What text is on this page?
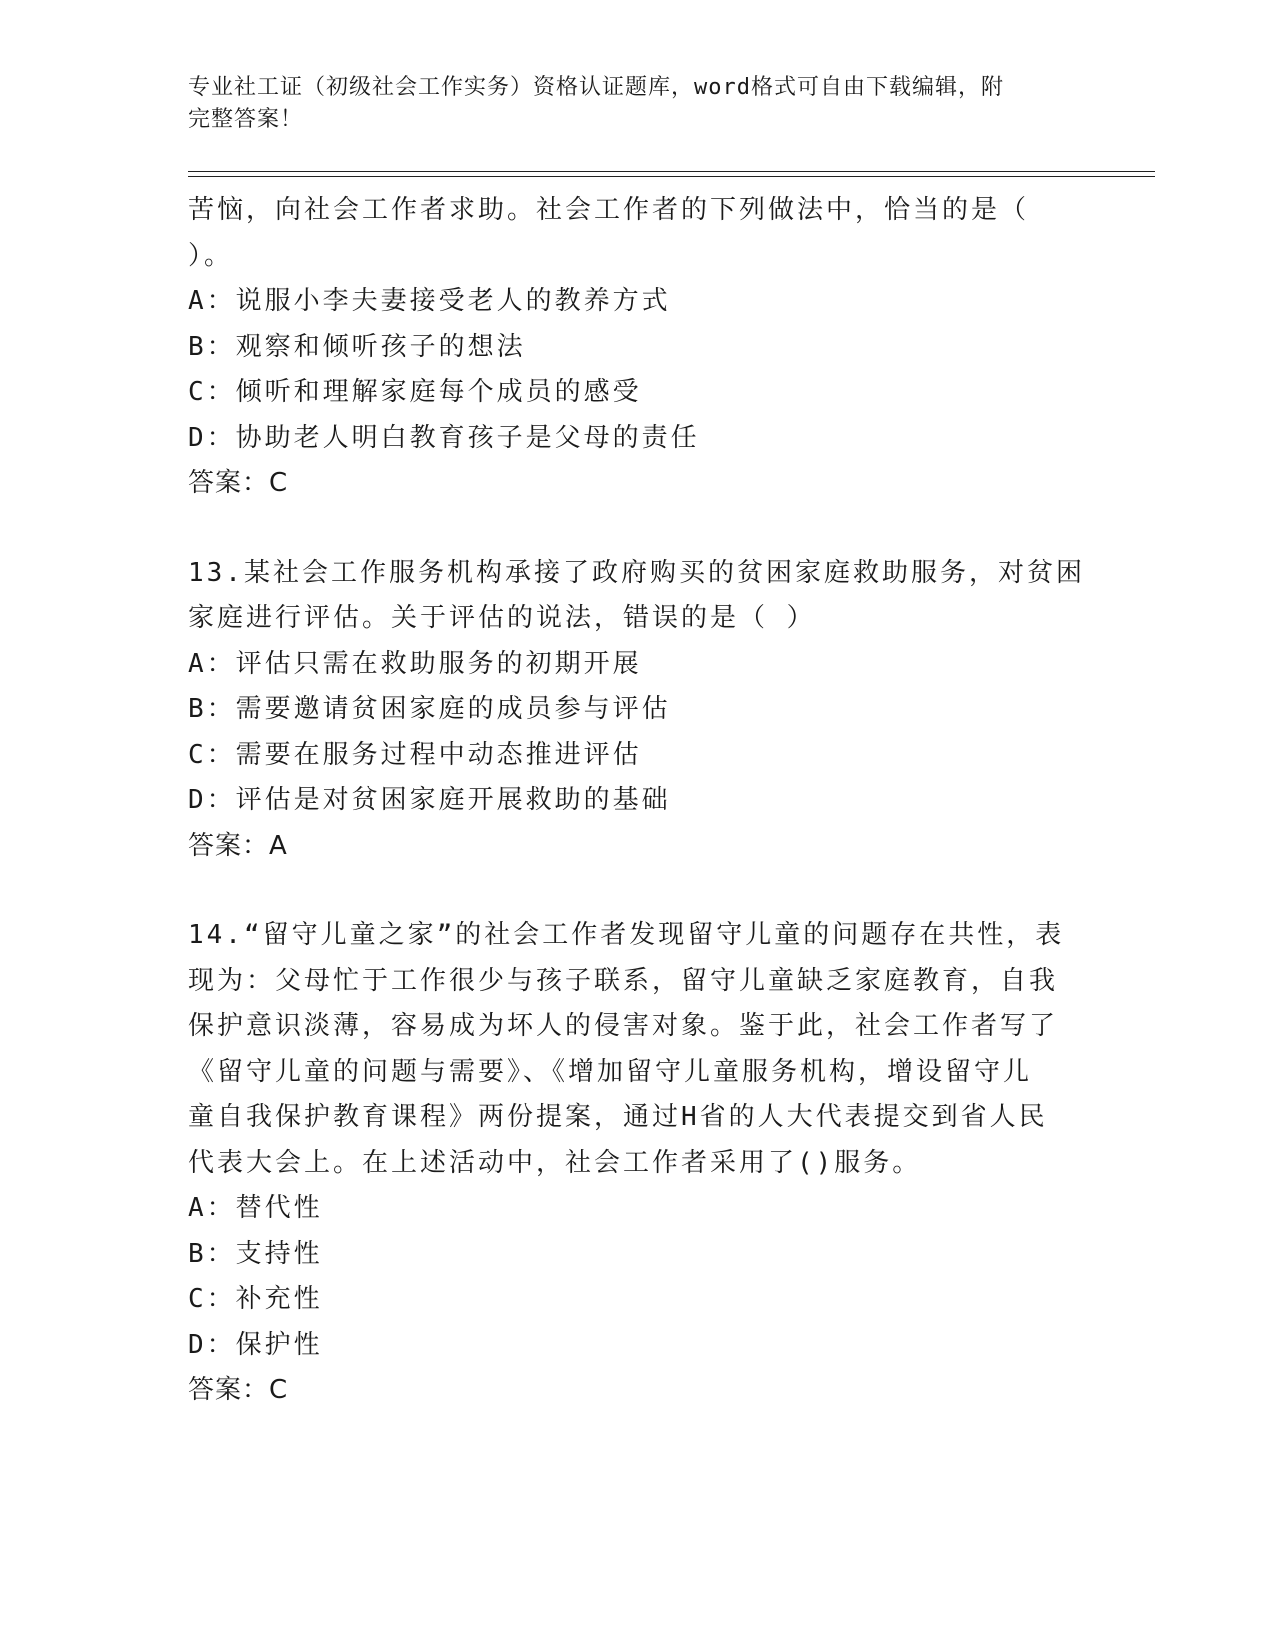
专业社工证（初级社会工作实务）资格认证题库，word格式可自由下载编辑，附
完整答案！
苦恼，向社会工作者求助。社会工作者的下列做法中，恰当的是（
）。
A：说服小李夫妻接受老人的教养方式
B：观察和倾听孩子的想法
C：倾听和理解家庭每个成员的感受
D：协助老人明白教育孩子是父母的责任
答案：C
13.某社会工作服务机构承接了政府购买的贫困家庭救助服务，对贫困
家庭进行评估。关于评估的说法，错误的是（ ）
A：评估只需在救助服务的初期开展
B：需要邀请贫困家庭的成员参与评估
C：需要在服务过程中动态推进评估
D：评估是对贫困家庭开展救助的基础
答案：A
14.“留守儿童之家”的社会工作者发现留守儿童的问题存在共性，表
现为：父母忙于工作很少与孩子联系，留守儿童缺乏家庭教育，自我
保护意识淡薄，容易成为坏人的侵害对象。鉴于此，社会工作者写了
《留守儿童的问题与需要》、《增加留守儿童服务机构，增设留守儿
童自我保护教育课程》两份提案，通过H省的人大代表提交到省人民
代表大会上。在上述活动中，社会工作者采用了()服务。
A：替代性
B：支持性
C：补充性
D：保护性
答案：C
